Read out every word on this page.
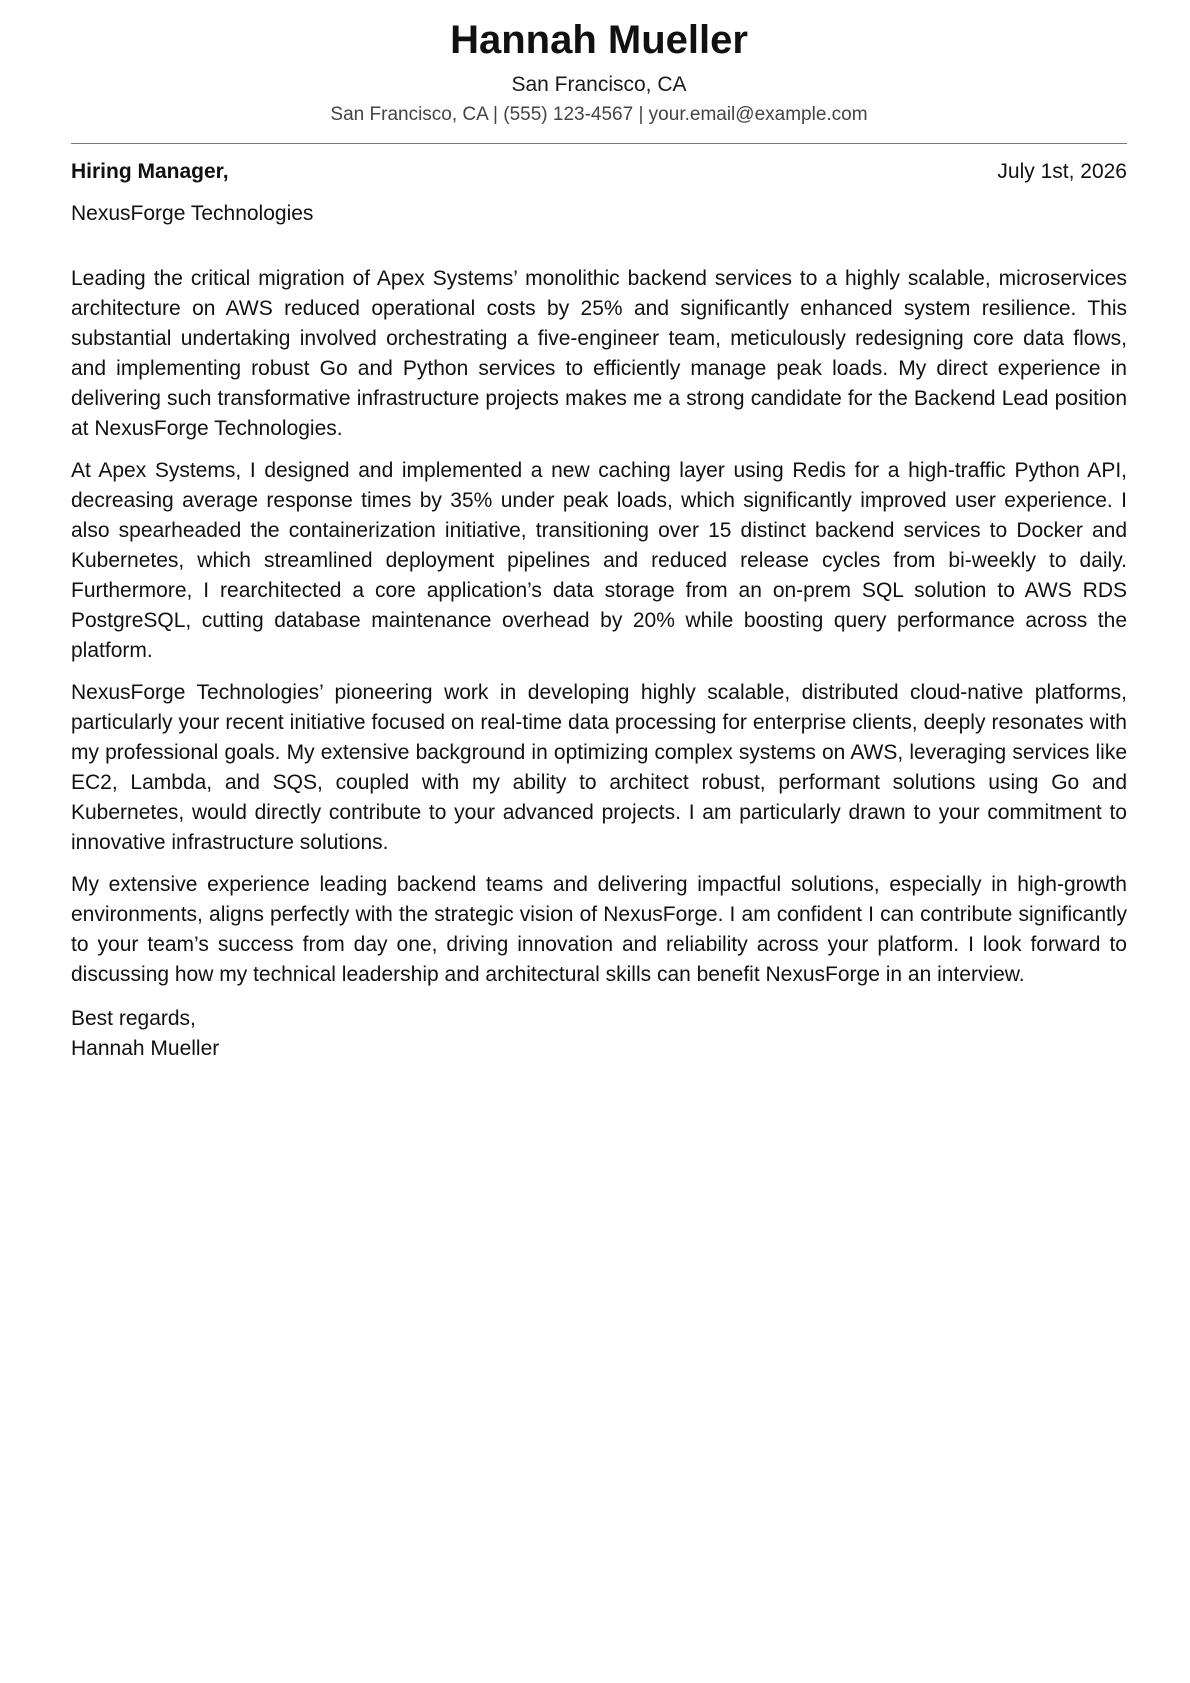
Hannah Mueller
San Francisco, CA
San Francisco, CA | (555) 123-4567 | your.email@example.com
Hiring Manager,	July 1st, 2026
NexusForge Technologies

Leading the critical migration of Apex Systems’ monolithic backend services to a highly scalable, microservices architecture on AWS reduced operational costs by 25% and significantly enhanced system resilience. This substantial undertaking involved orchestrating a five-engineer team, meticulously redesigning core data flows, and implementing robust Go and Python services to efficiently manage peak loads. My direct experience in delivering such transformative infrastructure projects makes me a strong candidate for the Backend Lead position at NexusForge Technologies.

At Apex Systems, I designed and implemented a new caching layer using Redis for a high-traffic Python API, decreasing average response times by 35% under peak loads, which significantly improved user experience. I also spearheaded the containerization initiative, transitioning over 15 distinct backend services to Docker and Kubernetes, which streamlined deployment pipelines and reduced release cycles from bi-weekly to daily. Furthermore, I rearchitected a core application’s data storage from an on-prem SQL solution to AWS RDS PostgreSQL, cutting database maintenance overhead by 20% while boosting query performance across the platform.

NexusForge Technologies’ pioneering work in developing highly scalable, distributed cloud-native platforms, particularly your recent initiative focused on real-time data processing for enterprise clients, deeply resonates with my professional goals. My extensive background in optimizing complex systems on AWS, leveraging services like EC2, Lambda, and SQS, coupled with my ability to architect robust, performant solutions using Go and Kubernetes, would directly contribute to your advanced projects. I am particularly drawn to your commitment to innovative infrastructure solutions.

My extensive experience leading backend teams and delivering impactful solutions, especially in high-growth environments, aligns perfectly with the strategic vision of NexusForge. I am confident I can contribute significantly to your team’s success from day one, driving innovation and reliability across your platform. I look forward to discussing how my technical leadership and architectural skills can benefit NexusForge in an interview.

Best regards,
Hannah Mueller
